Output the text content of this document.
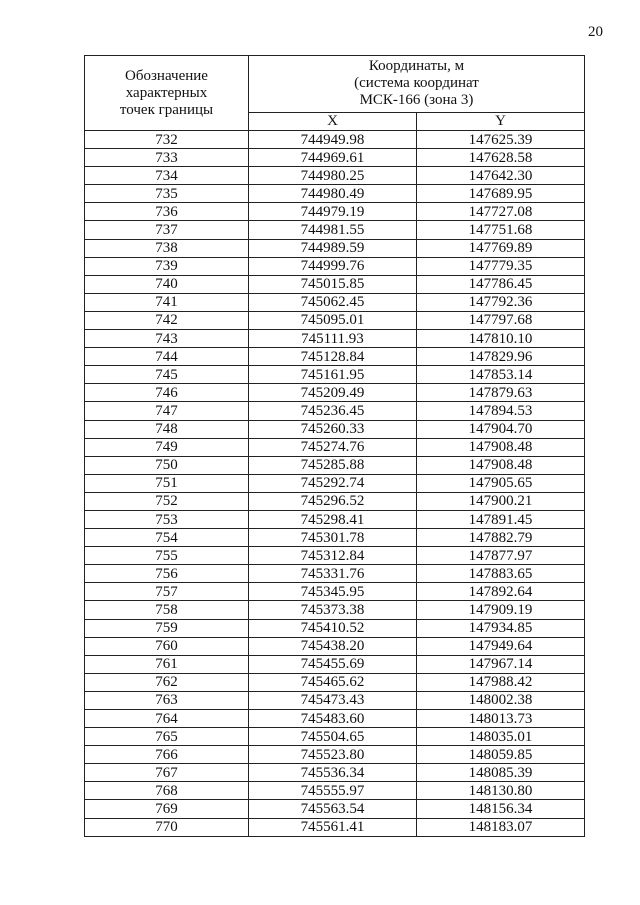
20
Обозначение
характерных
точек границы	Координаты, м
(система координат
МСК-166 (зона 3)	

	X	Y
732	744949.98	147625.39
733	744969.61	147628.58
734	744980.25	147642.30
735	744980.49	147689.95
736	744979.19	147727.08
737	744981.55	147751.68
738	744989.59	147769.89
739	744999.76	147779.35
740	745015.85	147786.45
741	745062.45	147792.36
742	745095.01	147797.68
743	745111.93	147810.10
744	745128.84	147829.96
745	745161.95	147853.14
746	745209.49	147879.63
747	745236.45	147894.53
748	745260.33	147904.70
749	745274.76	147908.48
750	745285.88	147908.48
751	745292.74	147905.65
752	745296.52	147900.21
753	745298.41	147891.45
754	745301.78	147882.79
755	745312.84	147877.97
756	745331.76	147883.65
757	745345.95	147892.64
758	745373.38	147909.19
759	745410.52	147934.85
760	745438.20	147949.64
761	745455.69	147967.14
762	745465.62	147988.42
763	745473.43	148002.38
764	745483.60	148013.73
765	745504.65	148035.01
766	745523.80	148059.85
767	745536.34	148085.39
768	745555.97	148130.80
769	745563.54	148156.34
770	745561.41	148183.07
